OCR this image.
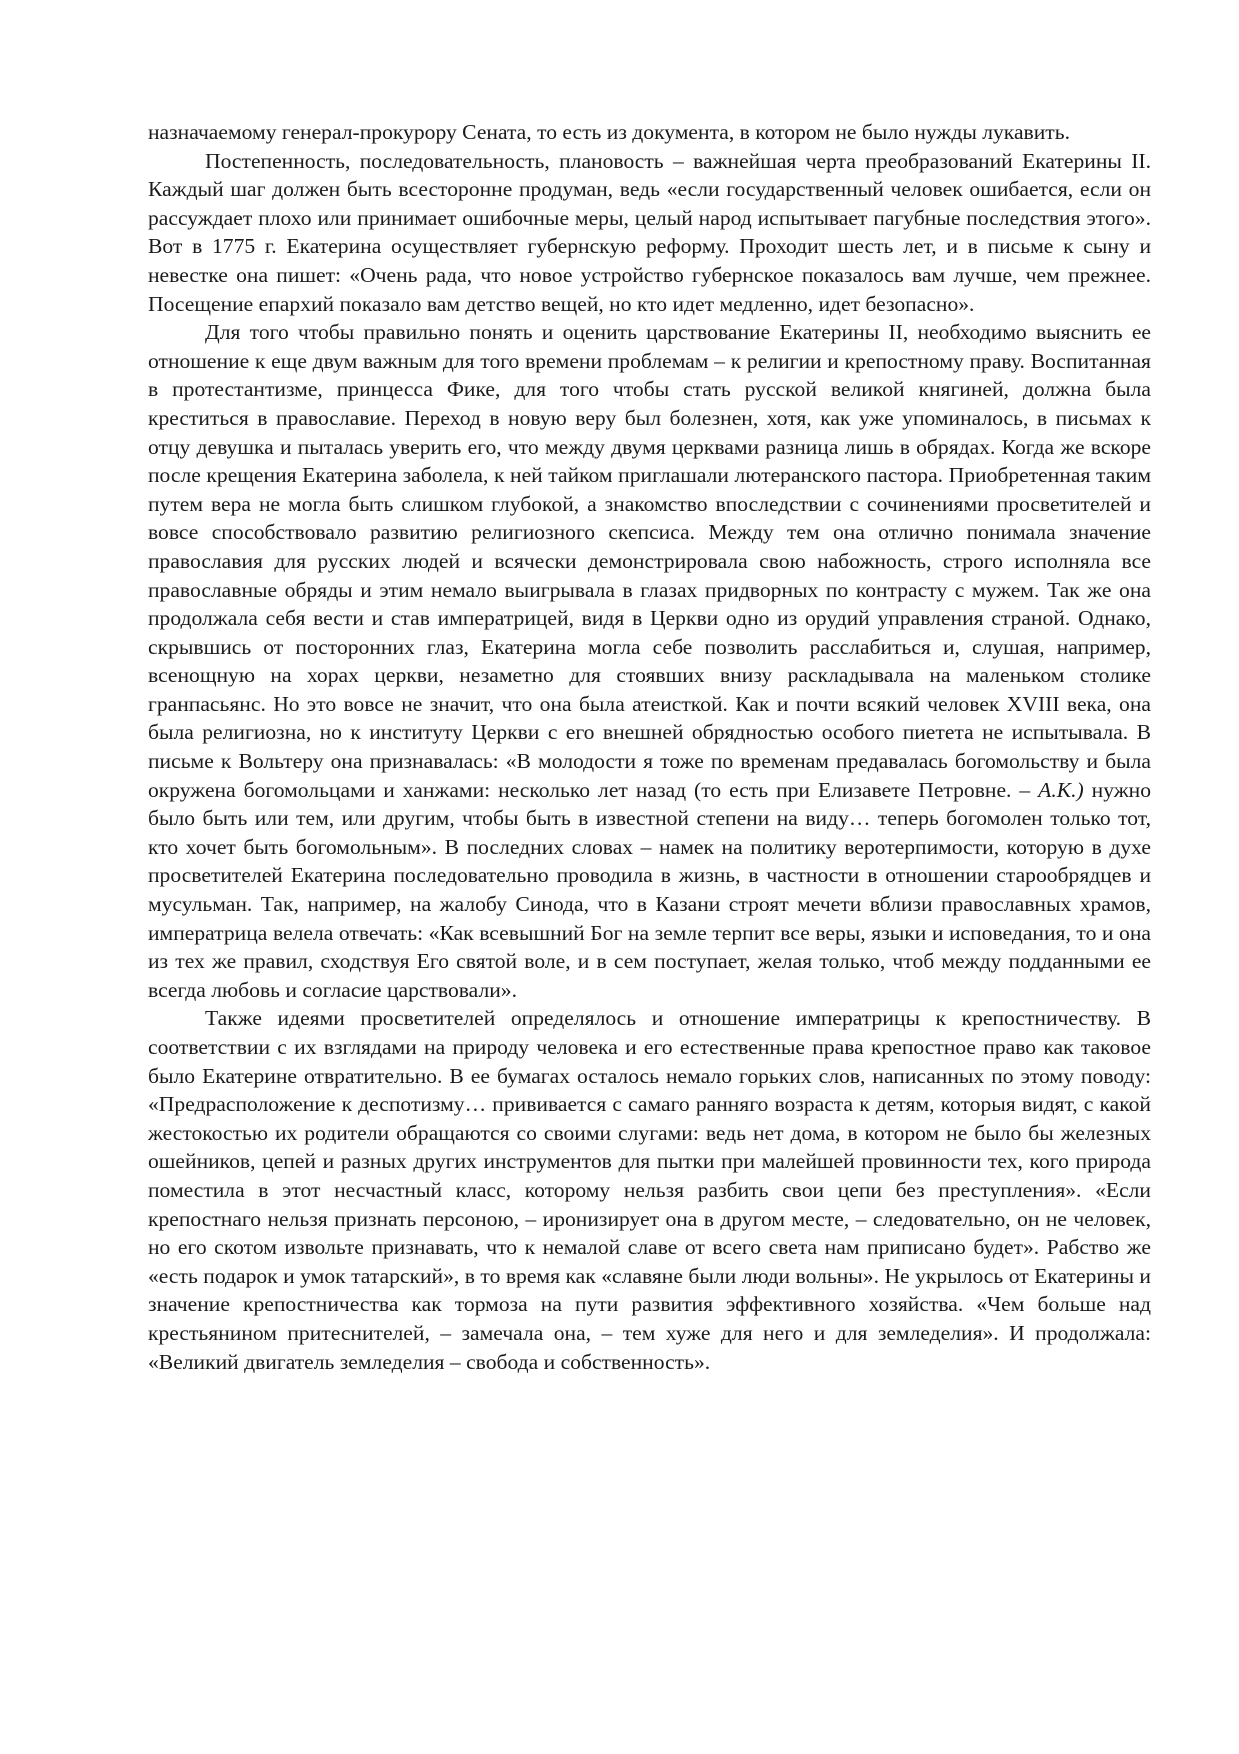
назначаемому генерал-прокурору Сената, то есть из документа, в котором не было нужды лукавить.

Постепенность, последовательность, плановость – важнейшая черта преобразований Екатерины II. Каждый шаг должен быть всесторонне продуман, ведь «если государственный человек ошибается, если он рассуждает плохо или принимает ошибочные меры, целый народ испытывает пагубные последствия этого». Вот в 1775 г. Екатерина осуществляет губернскую реформу. Проходит шесть лет, и в письме к сыну и невестке она пишет: «Очень рада, что новое устройство губернское показалось вам лучше, чем прежнее. Посещение епархий показало вам детство вещей, но кто идет медленно, идет безопасно».

Для того чтобы правильно понять и оценить царствование Екатерины II, необходимо выяснить ее отношение к еще двум важным для того времени проблемам – к религии и крепостному праву. Воспитанная в протестантизме, принцесса Фике, для того чтобы стать русской великой княгиней, должна была креститься в православие. Переход в новую веру был болезнен, хотя, как уже упоминалось, в письмах к отцу девушка и пыталась уверить его, что между двумя церквами разница лишь в обрядах. Когда же вскоре после крещения Екатерина заболела, к ней тайком приглашали лютеранского пастора. Приобретенная таким путем вера не могла быть слишком глубокой, а знакомство впоследствии с сочинениями просветителей и вовсе способствовало развитию религиозного скепсиса. Между тем она отлично понимала значение православия для русских людей и всячески демонстрировала свою набожность, строго исполняла все православные обряды и этим немало выигрывала в глазах придворных по контрасту с мужем. Так же она продолжала себя вести и став императрицей, видя в Церкви одно из орудий управления страной. Однако, скрывшись от посторонних глаз, Екатерина могла себе позволить расслабиться и, слушая, например, всенощную на хорах церкви, незаметно для стоявших внизу раскладывала на маленьком столике гранпасьянс. Но это вовсе не значит, что она была атеисткой. Как и почти всякий человек XVIII века, она была религиозна, но к институту Церкви с его внешней обрядностью особого пиетета не испытывала. В письме к Вольтеру она признавалась: «В молодости я тоже по временам предавалась богомольству и была окружена богомольцами и ханжами: несколько лет назад (то есть при Елизавете Петровне. – А.К.) нужно было быть или тем, или другим, чтобы быть в известной степени на виду… теперь богомолен только тот, кто хочет быть богомольным». В последних словах – намек на политику веротерпимости, которую в духе просветителей Екатерина последовательно проводила в жизнь, в частности в отношении старообрядцев и мусульман. Так, например, на жалобу Синода, что в Казани строят мечети вблизи православных храмов, императрица велела отвечать: «Как всевышний Бог на земле терпит все веры, языки и исповедания, то и она из тех же правил, сходствуя Его святой воле, и в сем поступает, желая только, чтоб между подданными ее всегда любовь и согласие царствовали».

Также идеями просветителей определялось и отношение императрицы к крепостничеству. В соответствии с их взглядами на природу человека и его естественные права крепостное право как таковое было Екатерине отвратительно. В ее бумагах осталось немало горьких слов, написанных по этому поводу: «Предрасположение к деспотизму… прививается с самаго ранняго возраста к детям, которыя видят, с какой жестокостью их родители обращаются со своими слугами: ведь нет дома, в котором не было бы железных ошейников, цепей и разных других инструментов для пытки при малейшей провинности тех, кого природа поместила в этот несчастный класс, которому нельзя разбить свои цепи без преступления». «Если крепостнаго нельзя признать персоною, – иронизирует она в другом месте, – следовательно, он не человек, но его скотом извольте признавать, что к немалой славе от всего света нам приписано будет». Рабство же «есть подарок и умок татарский», в то время как «славяне были люди вольны». Не укрылось от Екатерины и значение крепостничества как тормоза на пути развития эффективного хозяйства. «Чем больше над крестьянином притеснителей, – замечала она, – тем хуже для него и для земледелия». И продолжала: «Великий двигатель земледелия – свобода и собственность».
